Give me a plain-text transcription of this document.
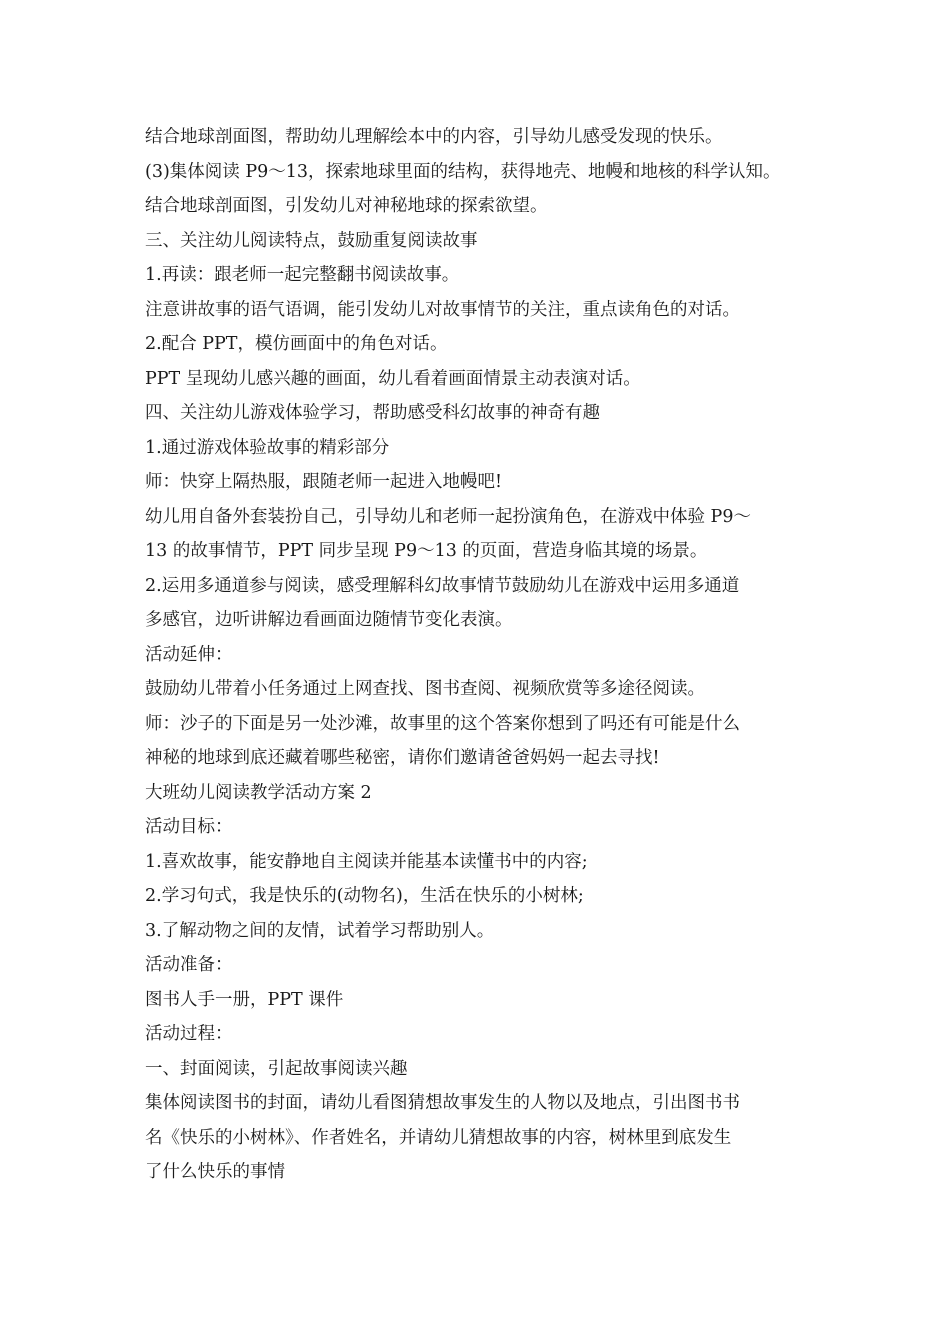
结合地球剖面图，帮助幼儿理解绘本中的内容，引导幼儿感受发现的快乐。
(3)集体阅读 P9～13，探索地球里面的结构，获得地壳、地幔和地核的科学认知。
结合地球剖面图，引发幼儿对神秘地球的探索欲望。
三、关注幼儿阅读特点，鼓励重复阅读故事
1.再读：跟老师一起完整翻书阅读故事。
注意讲故事的语气语调，能引发幼儿对故事情节的关注，重点读角色的对话。
2.配合 PPT，模仿画面中的角色对话。
PPT 呈现幼儿感兴趣的画面，幼儿看着画面情景主动表演对话。
四、关注幼儿游戏体验学习，帮助感受科幻故事的神奇有趣
1.通过游戏体验故事的精彩部分
师：快穿上隔热服，跟随老师一起进入地幔吧!
幼儿用自备外套装扮自己，引导幼儿和老师一起扮演角色，在游戏中体验 P9～
13 的故事情节，PPT 同步呈现 P9～13 的页面，营造身临其境的场景。
2.运用多通道参与阅读，感受理解科幻故事情节鼓励幼儿在游戏中运用多通道
多感官，边听讲解边看画面边随情节变化表演。
活动延伸：
鼓励幼儿带着小任务通过上网查找、图书查阅、视频欣赏等多途径阅读。
师：沙子的下面是另一处沙滩，故事里的这个答案你想到了吗还有可能是什么
神秘的地球到底还藏着哪些秘密，请你们邀请爸爸妈妈一起去寻找!
大班幼儿阅读教学活动方案 2
活动目标：
1.喜欢故事，能安静地自主阅读并能基本读懂书中的内容;
2.学习句式，我是快乐的(动物名)，生活在快乐的小树林;
3.了解动物之间的友情，试着学习帮助别人。
活动准备：
图书人手一册，PPT 课件
活动过程：
一、封面阅读，引起故事阅读兴趣
集体阅读图书的封面，请幼儿看图猜想故事发生的人物以及地点，引出图书书
名《快乐的小树林》、作者姓名，并请幼儿猜想故事的内容，树林里到底发生
了什么快乐的事情
